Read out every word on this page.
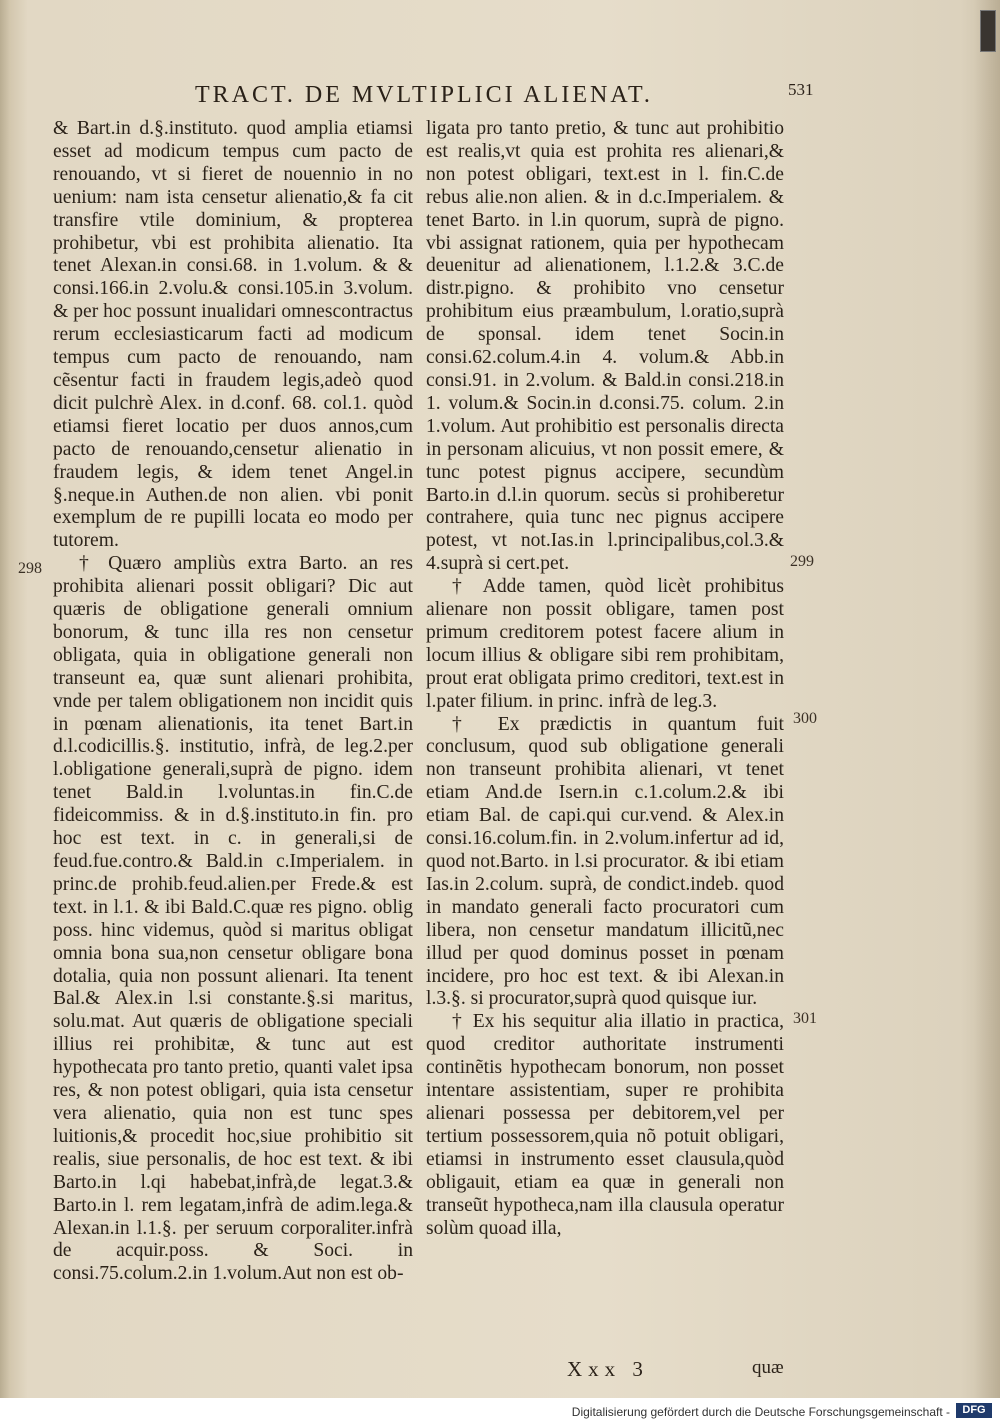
TRACT. DE MVLTIPLICI ALIENAT.	531

& Bart.in d.§.instituto. quod amplia etiamsi esset ad modicum tempus cum pacto de renouando, vt si fieret de nouennio in no uenium: nam ista censetur alienatio,& fa cit transfire vtile dominium, & propterea prohibetur, vbi est prohibita alienatio. Ita tenet Alexan.in consi.68. in 1.volum. & & consi.166.in 2.volu.& consi.105.in 3.volum. & per hoc possunt inualidari omnescontractus rerum ecclesiasticarum facti ad modicum tempus cum pacto de renouando, nam cẽsentur facti in fraudem legis,adeò quod dicit pulchrè Alex. in d.conf. 68. col.1. quòd etiamsi fieret locatio per duos annos,cum pacto de renouando,censetur alienatio in fraudem legis, & idem tenet Angel.in §.neque.in Authen.de non alien. vbi ponit exemplum de re pupilli locata eo modo per tutorem.

† Quæro ampliùs extra Barto. an res prohibita alienari possit obligari? Dic aut quæris de obligatione generali omnium bonorum, & tunc illa res non censetur obligata, quia in obligatione generali non transeunt ea, quæ sunt alienari prohibita, vnde per talem obligationem non incidit quis in pœnam alienationis, ita tenet Bart.in d.l.codicillis.§. institutio, infrà, de leg.2.per l.obligatione generali,suprà de pigno. idem tenet Bald.in l.voluntas.in fin.C.de fideicommiss. & in d.§.instituto.in fin. pro hoc est text. in c. in generali,si de feud.fue.contro.& Bald.in c.Imperialem. in princ.de prohib.feud.alien.per Frede.& est text. in l.1. & ibi Bald.C.quæ res pigno. oblig poss. hinc videmus, quòd si maritus obligat omnia bona sua,non censetur obligare bona dotalia, quia non possunt alienari. Ita tenent Bal.& Alex.in l.si constante.§.si maritus, solu.mat. Aut quæris de obligatione speciali illius rei prohibitæ, & tunc aut est hypothecata pro tanto pretio, quanti valet ipsa res, & non potest obligari, quia ista censetur vera alienatio, quia non est tunc spes luitionis,& procedit hoc,siue prohibitio sit realis, siue personalis, de hoc est text. & ibi Barto.in l.qi habebat,infrà,de legat.3.& Barto.in l. rem legatam,infrà de adim.lega.& Alexan.in l.1.§. per seruum corporaliter.infrà de acquir.poss. & Soci. in consi.75.colum.2.in 1.volum.Aut non est ob-

ligata pro tanto pretio, & tunc aut prohibitio est realis,vt quia est prohita res alienari,& non potest obligari, text.est in l. fin.C.de rebus alie.non alien. & in d.c.Imperialem. & tenet Barto. in l.in quorum, suprà de pigno. vbi assignat rationem, quia per hypothecam deuenitur ad alienationem, l.1.2.& 3.C.de distr.pigno. & prohibito vno censetur prohibitum eius præambulum, l.oratio,suprà de sponsal. idem tenet Socin.in consi.62.colum.4.in 4. volum.& Abb.in consi.91. in 2.volum. & Bald.in consi.218.in 1. volum.& Socin.in d.consi.75. colum. 2.in 1.volum. Aut prohibitio est personalis directa in personam alicuius, vt non possit emere, & tunc potest pignus accipere, secundùm Barto.in d.l.in quorum. secùs si prohiberetur contrahere, quia tunc nec pignus accipere potest, vt not.Ias.in l.principalibus,col.3.& 4.suprà si cert.pet.

† Adde tamen, quòd licèt prohibitus alienare non possit obligare, tamen post primum creditorem potest facere alium in locum illius & obligare sibi rem prohibitam, prout erat obligata primo creditori, text.est in l.pater filium. in princ. infrà de leg.3.

† Ex prædictis in quantum fuit conclusum, quod sub obligatione generali non transeunt prohibita alienari, vt tenet etiam And.de Isern.in c.1.colum.2.& ibi etiam Bal. de capi.qui cur.vend. & Alex.in consi.16.colum.fin. in 2.volum.infertur ad id, quod not.Barto. in l.si procurator. & ibi etiam Ias.in 2.colum. suprà, de condict.indeb. quod in mandato generali facto procuratori cum libera, non censetur mandatum illicitũ,nec illud per quod dominus posset in pœnam incidere, pro hoc est text. & ibi Alexan.in l.3.§. si procurator,suprà quod quisque iur.

† Ex his sequitur alia illatio in practica, quod creditor authoritate instrumenti continẽtis hypothecam bonorum, non posset intentare assistentiam, super re prohibita alienari possessa per debitorem,vel per tertium possessorem,quia nõ potuit obligari, etiamsi in instrumento esset clausula,quòd obligauit, etiam ea quæ in generali non transeũt hypotheca,nam illa clausula operatur solùm quoad illa,

298	299
300
301
Xxx 3	quæ
Digitalisierung gefördert durch die Deutsche Forschungsgemeinschaft -	DFG
